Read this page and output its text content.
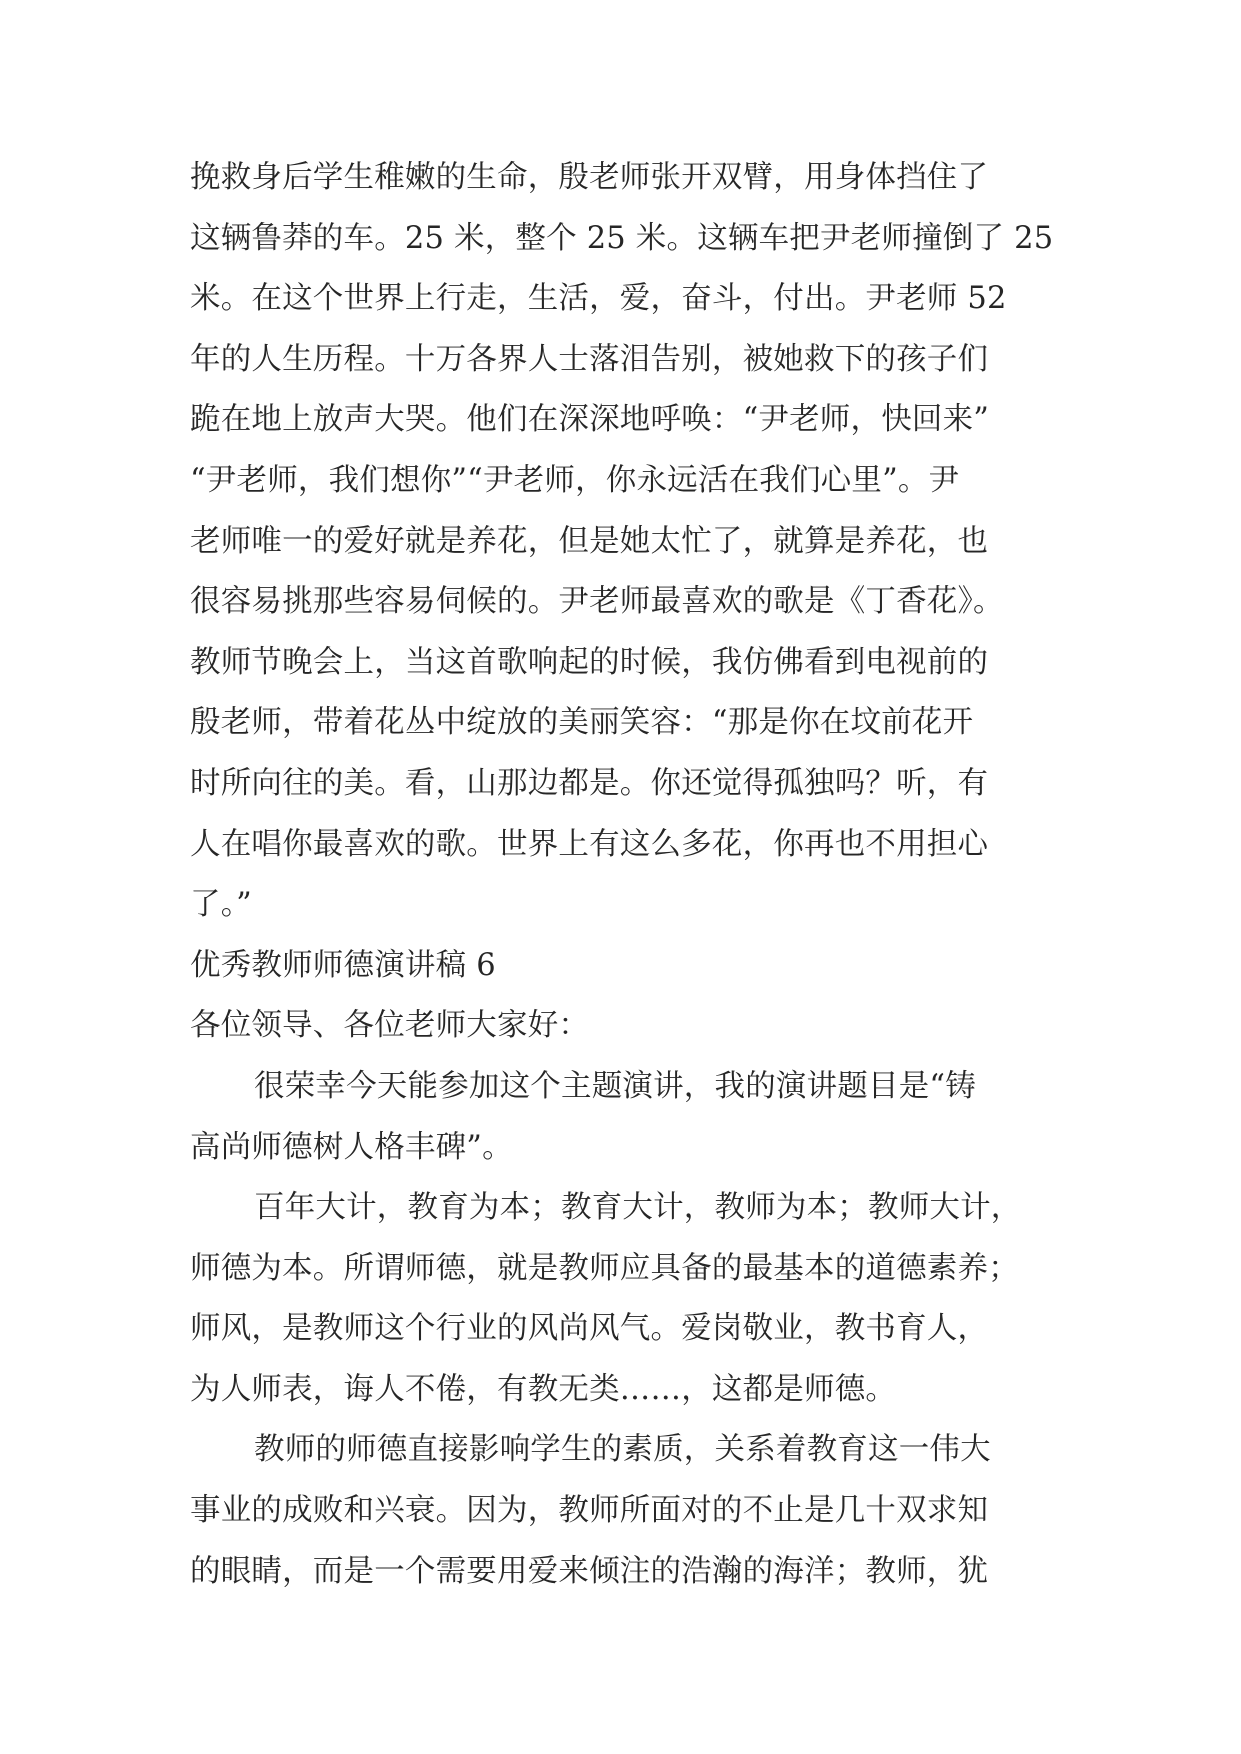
挽救身后学生稚嫩的生命，殷老师张开双臂，用身体挡住了
这辆鲁莽的车。25 米，整个 25 米。这辆车把尹老师撞倒了 25
米。在这个世界上行走，生活，爱，奋斗，付出。尹老师 52
年的人生历程。十万各界人士落泪告别，被她救下的孩子们
跪在地上放声大哭。他们在深深地呼唤：“尹老师，快回来”
“尹老师，我们想你”“尹老师，你永远活在我们心里”。尹
老师唯一的爱好就是养花，但是她太忙了，就算是养花，也
很容易挑那些容易伺候的。尹老师最喜欢的歌是《丁香花》。
教师节晚会上，当这首歌响起的时候，我仿佛看到电视前的
殷老师，带着花丛中绽放的美丽笑容：“那是你在坟前花开
时所向往的美。看，山那边都是。你还觉得孤独吗？听，有
人在唱你最喜欢的歌。世界上有这么多花，你再也不用担心
了。”
优秀教师师德演讲稿 6
各位领导、各位老师大家好：
很荣幸今天能参加这个主题演讲，我的演讲题目是“铸
高尚师德树人格丰碑”。
百年大计，教育为本；教育大计，教师为本；教师大计，
师德为本。所谓师德，就是教师应具备的最基本的道德素养；
师风，是教师这个行业的风尚风气。爱岗敬业，教书育人，
为人师表，诲人不倦，有教无类……，这都是师德。
教师的师德直接影响学生的素质，关系着教育这一伟大
事业的成败和兴衰。因为，教师所面对的不止是几十双求知
的眼睛，而是一个需要用爱来倾注的浩瀚的海洋；教师，犹
